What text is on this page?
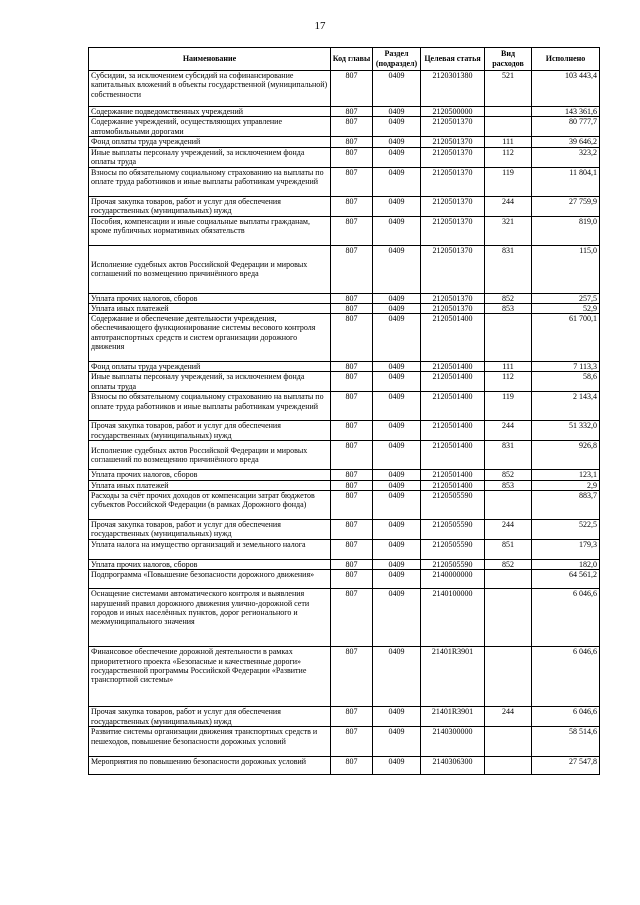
17
Наименование	Код главы	Раздел (подраздел)	Целевая статья	Вид расходов	Исполнено
Субсидии, за исключением субсидий на софинансирование капитальных вложений в объекты государственной (муниципальной) собственности	807	0409	2120301380	521	103 443,4
Содержание подведомственных учреждений	807	0409	2120500000		143 361,6
Содержание учреждений, осуществляющих управление автомобильными дорогами	807	0409	2120501370		80 777,7
Фонд оплаты труда учреждений	807	0409	2120501370	111	39 646,2
Иные выплаты персоналу учреждений, за исключением фонда оплаты труда	807	0409	2120501370	112	323,2
Взносы по обязательному социальному страхованию на выплаты по оплате труда работников и иные выплаты работникам учреждений	807	0409	2120501370	119	11 804,1
Прочая закупка товаров, работ и услуг для обеспечения государственных (муниципальных) нужд	807	0409	2120501370	244	27 759,9
Пособия, компенсации и иные социальные выплаты гражданам, кроме публичных нормативных обязательств	807	0409	2120501370	321	819,0
Исполнение судебных актов Российской Федерации и мировых соглашений по возмещению причинённого вреда	807	0409	2120501370	831	115,0
Уплата прочих налогов, сборов	807	0409	2120501370	852	257,5
Уплата иных платежей	807	0409	2120501370	853	52,9
Содержание и обеспечение деятельности учреждения, обеспечивающего функционирование системы весового контроля автотранспортных средств и систем организации дорожного движения	807	0409	2120501400		61 700,1
Фонд оплаты труда учреждений	807	0409	2120501400	111	7 113,3
Иные выплаты персоналу учреждений, за исключением фонда оплаты труда	807	0409	2120501400	112	58,6
Взносы по обязательному социальному страхованию на выплаты по оплате труда работников и иные выплаты работникам учреждений	807	0409	2120501400	119	2 143,4
Прочая закупка товаров, работ и услуг для обеспечения государственных (муниципальных) нужд	807	0409	2120501400	244	51 332,0
Исполнение судебных актов Российской Федерации и мировых соглашений по возмещению причинённого вреда	807	0409	2120501400	831	926,8
Уплата прочих налогов, сборов	807	0409	2120501400	852	123,1
Уплата иных платежей	807	0409	2120501400	853	2,9
Расходы за счёт прочих доходов от компенсации затрат бюджетов субъектов Российской Федерации (в рамках Дорожного фонда)	807	0409	2120505590		883,7
Прочая закупка товаров, работ и услуг для обеспечения государственных (муниципальных) нужд	807	0409	2120505590	244	522,5
Уплата налога на имущество организаций и земельного налога	807	0409	2120505590	851	179,3
Уплата прочих налогов, сборов	807	0409	2120505590	852	182,0
Подпрограмма «Повышение безопасности дорожного движения»	807	0409	2140000000		64 561,2
Оснащение системами автоматического контроля и выявления нарушений правил дорожного движения улично-дорожной сети городов и иных населённых пунктов, дорог регионального и межмуниципального значения	807	0409	2140100000		6 046,6
Финансовое обеспечение дорожной деятельности в рамках приоритетного проекта «Безопасные и качественные дороги» государственной программы Российской Федерации «Развитие транспортной системы»	807	0409	21401R3901		6 046,6
Прочая закупка товаров, работ и услуг для обеспечения государственных (муниципальных) нужд	807	0409	21401R3901	244	6 046,6
Развитие системы организации движения транспортных средств и пешеходов, повышение безопасности дорожных условий	807	0409	2140300000		58 514,6
Мероприятия по повышению безопасности дорожных условий	807	0409	2140306300		27 547,8
